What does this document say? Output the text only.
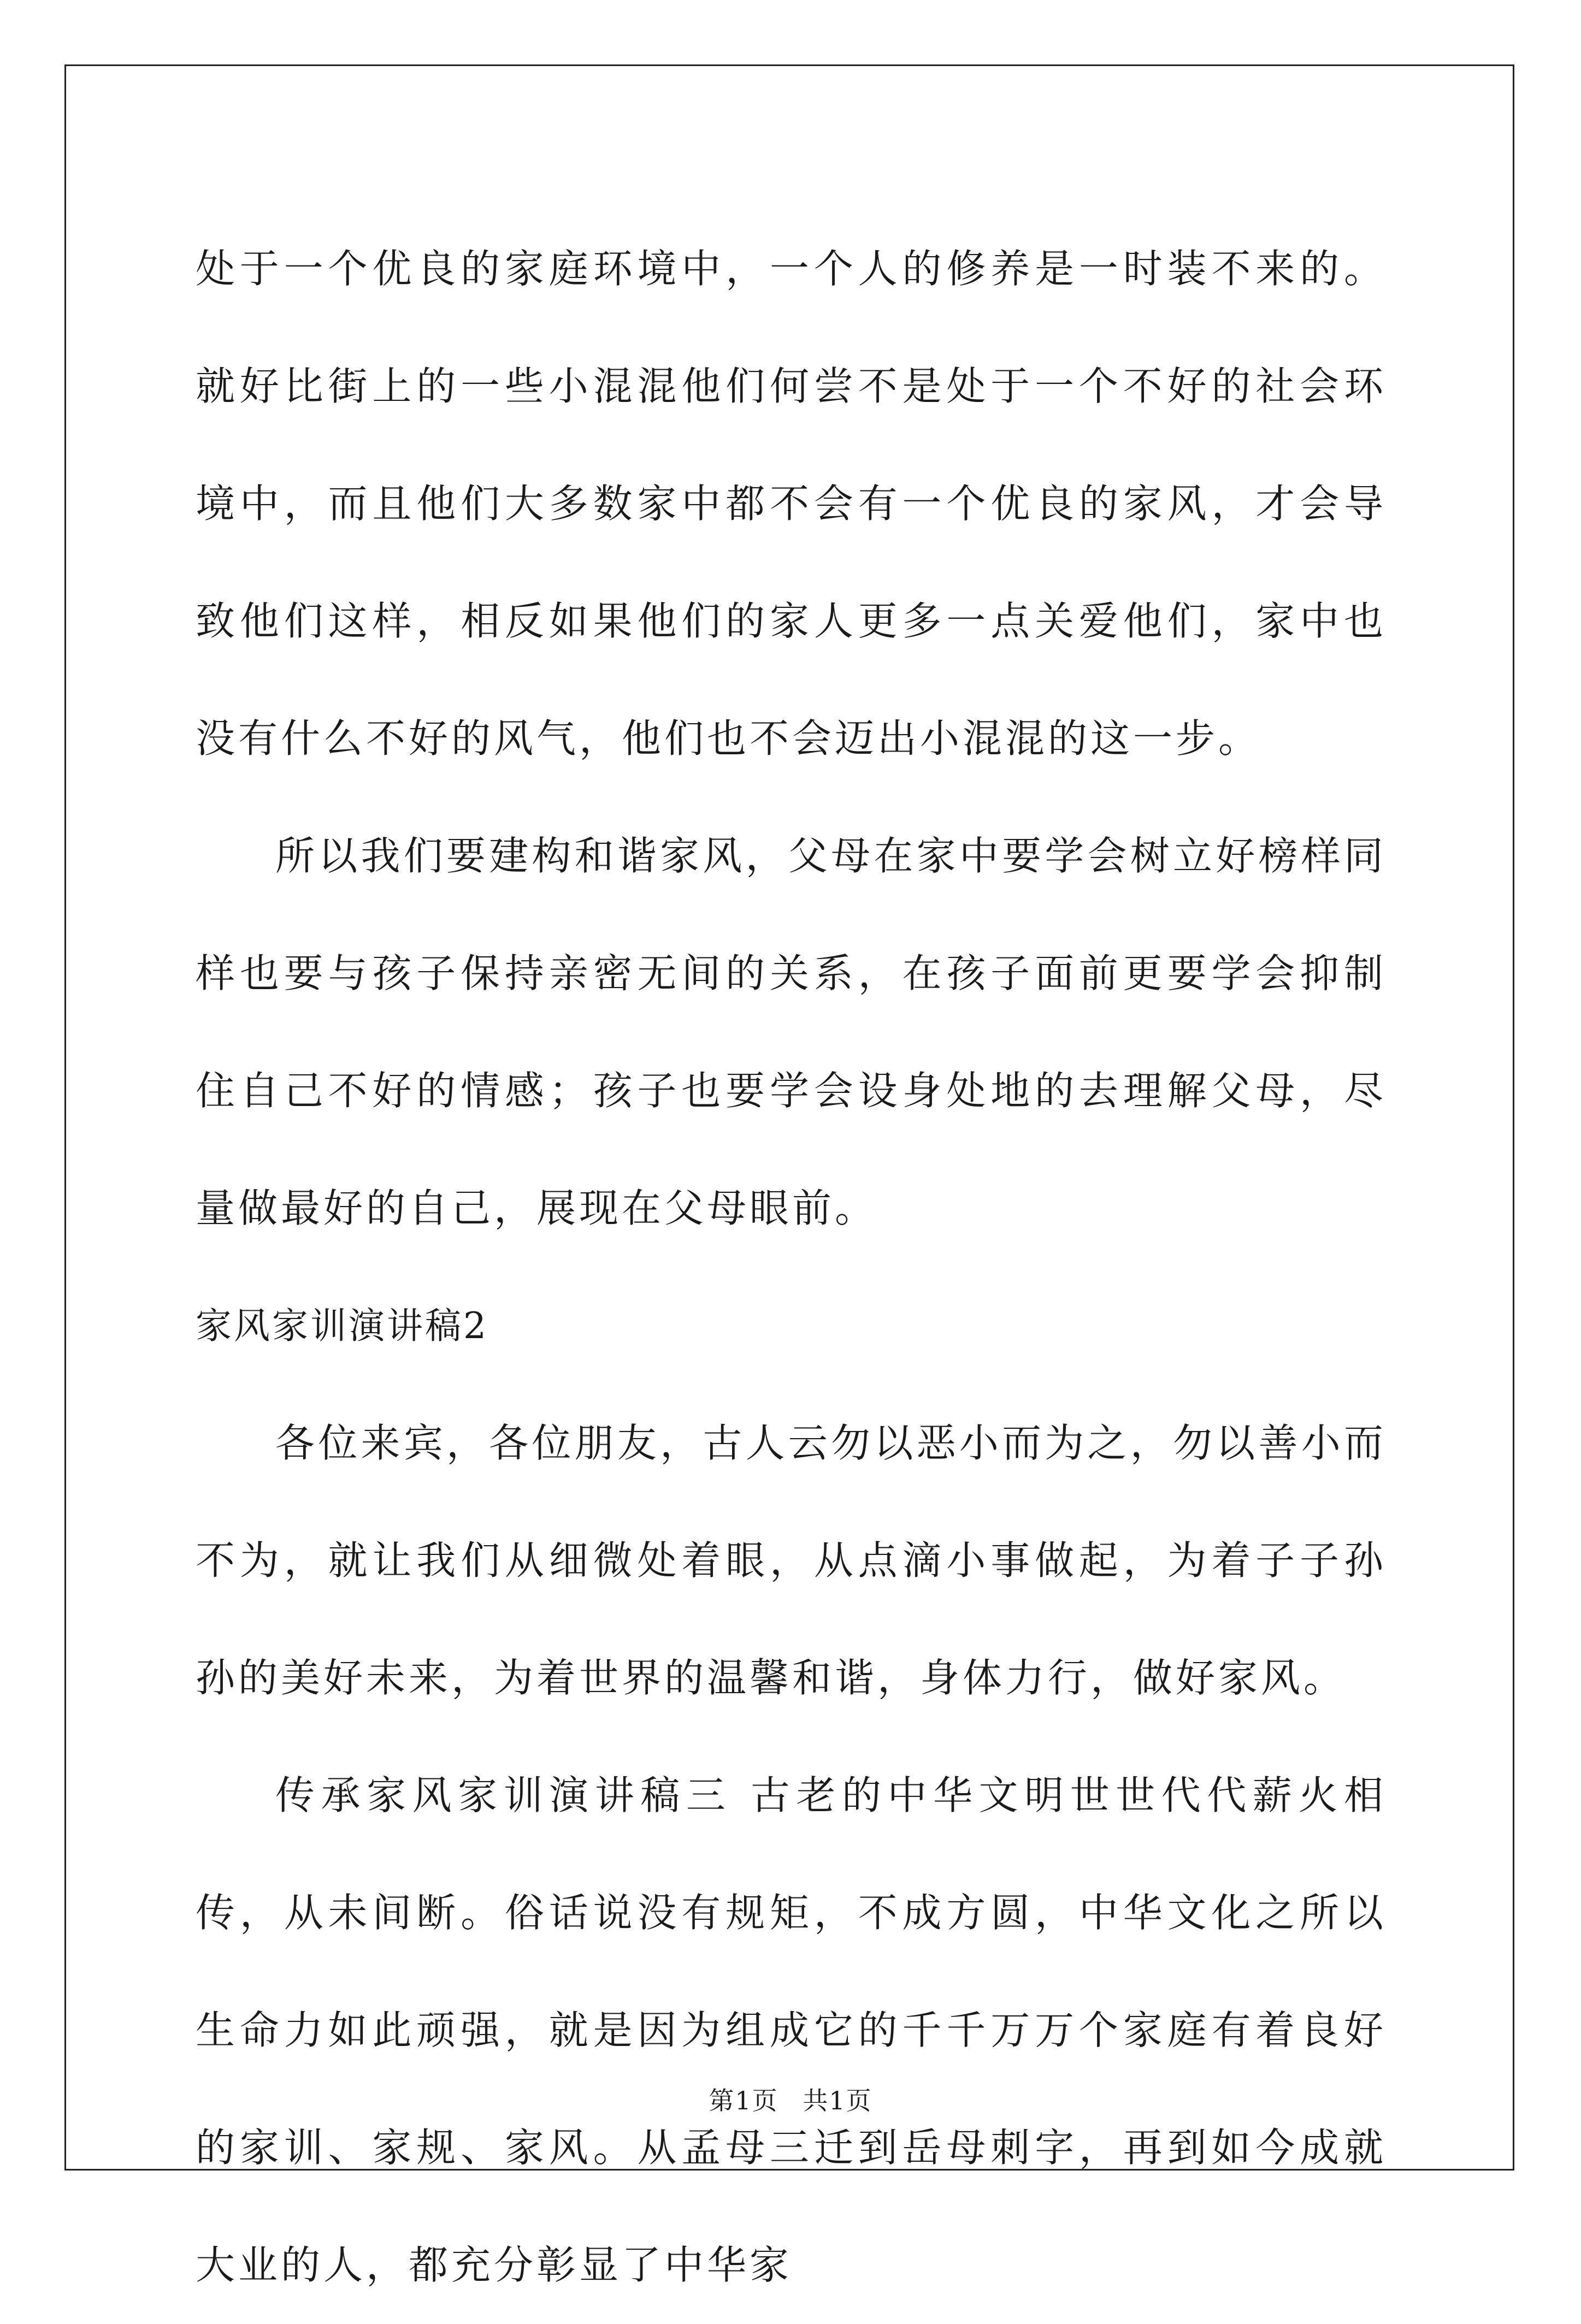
处于一个优良的家庭环境中，一个人的修养是一时装不来的。就好比街上的一些小混混他们何尝不是处于一个不好的社会环境中，而且他们大多数家中都不会有一个优良的家风，才会导致他们这样，相反如果他们的家人更多一点关爱他们，家中也没有什么不好的风气，他们也不会迈出小混混的这一步。

所以我们要建构和谐家风，父母在家中要学会树立好榜样同样也要与孩子保持亲密无间的关系，在孩子面前更要学会抑制住自己不好的情感；孩子也要学会设身处地的去理解父母，尽量做最好的自己，展现在父母眼前。

家风家训演讲稿2

各位来宾，各位朋友，古人云勿以恶小而为之，勿以善小而不为，就让我们从细微处着眼，从点滴小事做起，为着子子孙孙的美好未来，为着世界的温馨和谐，身体力行，做好家风。

传承家风家训演讲稿三 古老的中华文明世世代代薪火相传，从未间断。俗话说没有规矩，不成方圆，中华文化之所以生命力如此顽强，就是因为组成它的千千万万个家庭有着良好的家训、家规、家风。从孟母三迁到岳母刺字，再到如今成就大业的人，都充分彰显了中华家

第1页 共1页
